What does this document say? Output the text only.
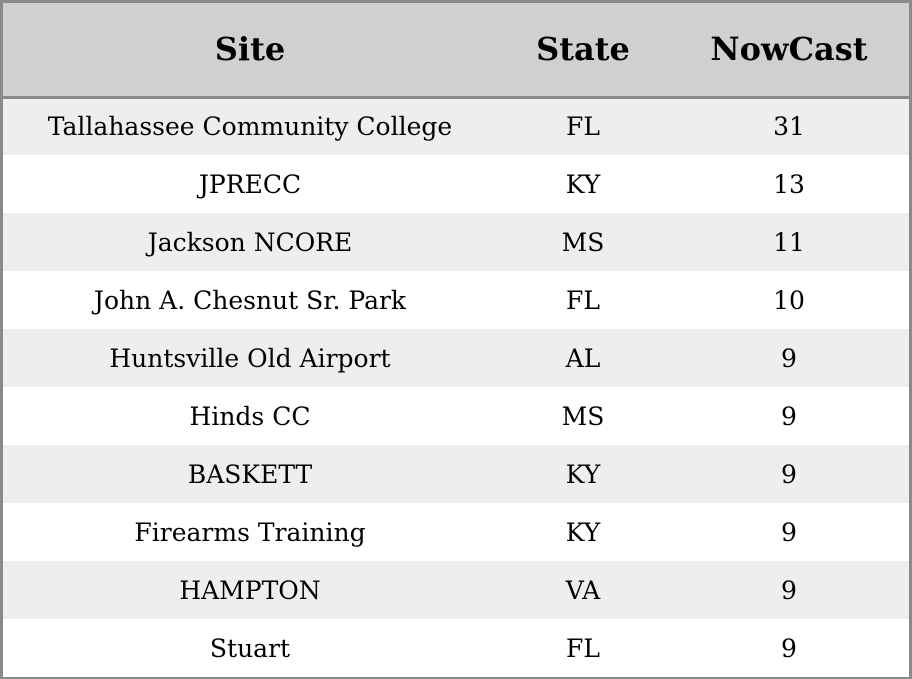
Site	State	NowCast
Tallahassee Community College	FL	31
JPRECC	KY	13
Jackson NCORE	MS	11
John A. Chesnut Sr. Park	FL	10
Huntsville Old Airport	AL	9
Hinds CC	MS	9
BASKETT	KY	9
Firearms Training	KY	9
HAMPTON	VA	9
Stuart	FL	9
